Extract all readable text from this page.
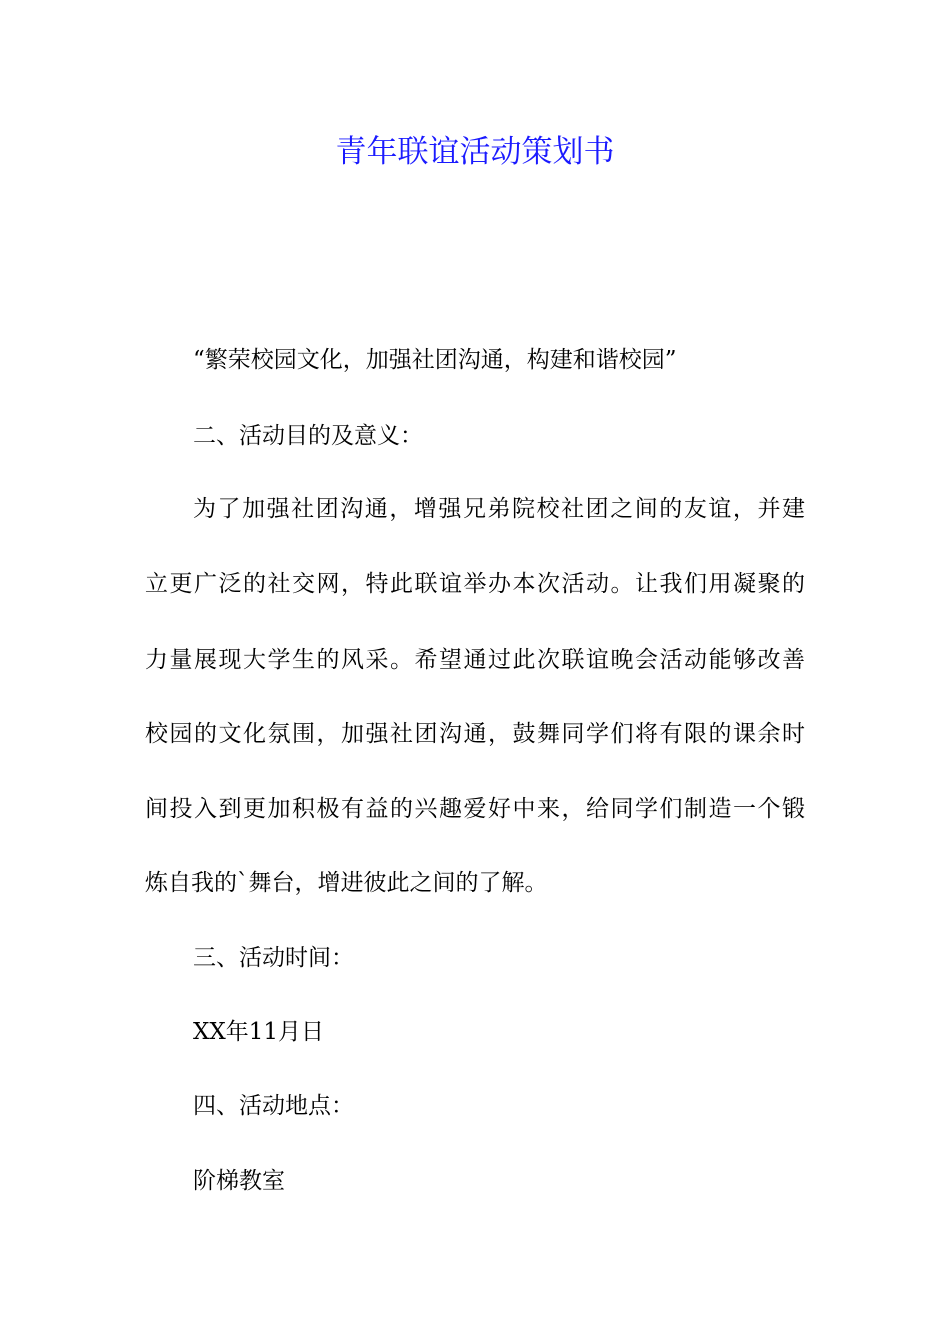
青年联谊活动策划书

“繁荣校园文化，加强社团沟通，构建和谐校园”

二、活动目的及意义：

为了加强社团沟通，增强兄弟院校社团之间的友谊，并建

立更广泛的社交网，特此联谊举办本次活动。让我们用凝聚的

力量展现大学生的风采。希望通过此次联谊晚会活动能够改善

校园的文化氛围，加强社团沟通，鼓舞同学们将有限的课余时

间投入到更加积极有益的兴趣爱好中来，给同学们制造一个锻

炼自我的`舞台，增进彼此之间的了解。

三、活动时间：

XX年11月日

四、活动地点：

阶梯教室
